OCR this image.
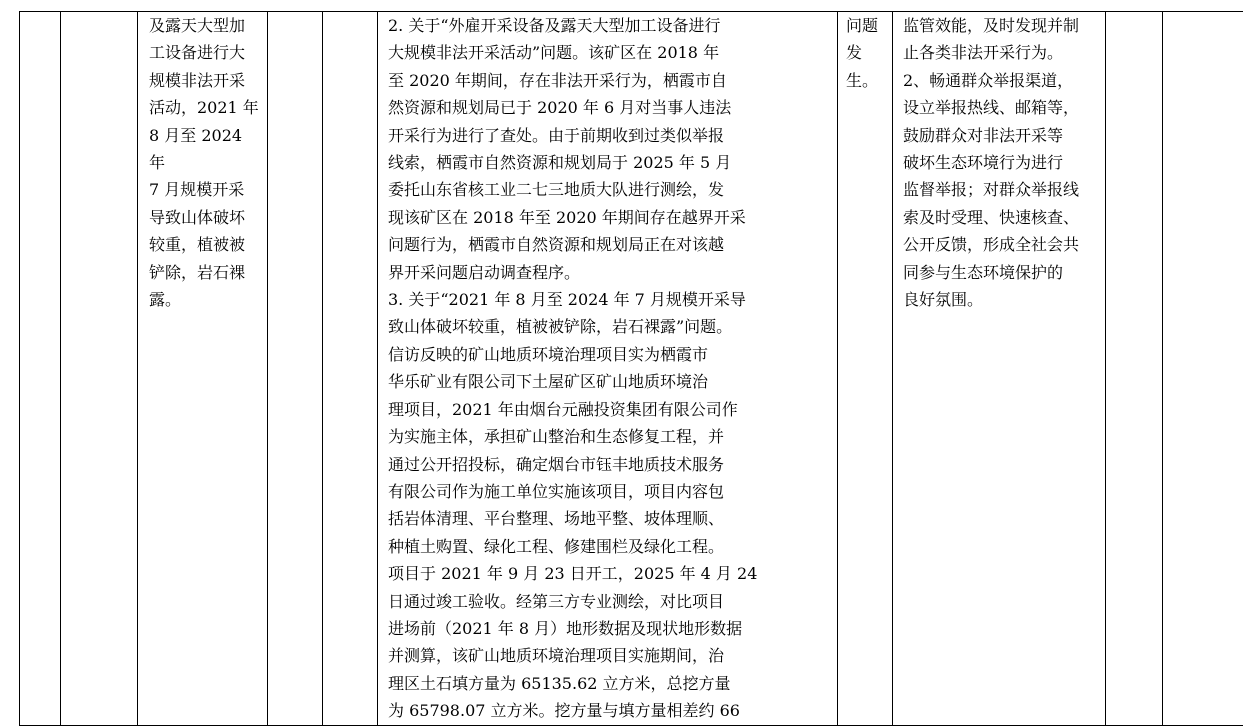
及露天大型加
工设备进行大
规模非法开采
活动，2021 年
8 月至 2024 年
7 月规模开采
导致山体破坏
较重，植被被
铲除，岩石裸
露。

2. 关于“外雇开采设备及露天大型加工设备进行
大规模非法开采活动”问题。该矿区在 2018 年
至 2020 年期间，存在非法开采行为，栖霞市自
然资源和规划局已于 2020 年 6 月对当事人违法
开采行为进行了查处。由于前期收到过类似举报
线索，栖霞市自然资源和规划局于 2025 年 5 月
委托山东省核工业二七三地质大队进行测绘，发
现该矿区在 2018 年至 2020 年期间存在越界开采
问题行为，栖霞市自然资源和规划局正在对该越
界开采问题启动调查程序。
3. 关于“2021 年 8 月至 2024 年 7 月规模开采导
致山体破坏较重，植被被铲除，岩石裸露”问题。
信访反映的矿山地质环境治理项目实为栖霞市
华乐矿业有限公司下土屋矿区矿山地质环境治
理项目，2021 年由烟台元融投资集团有限公司作
为实施主体，承担矿山整治和生态修复工程，并
通过公开招投标，确定烟台市钰丰地质技术服务
有限公司作为施工单位实施该项目，项目内容包
括岩体清理、平台整理、场地平整、坡体理顺、
种植土购置、绿化工程、修建围栏及绿化工程。
项目于 2021 年 9 月 23 日开工，2025 年 4 月 24
日通过竣工验收。经第三方专业测绘，对比项目
进场前（2021 年 8 月）地形数据及现状地形数据
并测算，该矿山地质环境治理项目实施期间，治
理区土石填方量为 65135.62 立方米，总挖方量
为 65798.07 立方米。挖方量与填方量相差约 66

问题
发
生。

监管效能，及时发现并制
止各类非法开采行为。
2、畅通群众举报渠道，
设立举报热线、邮箱等，
鼓励群众对非法开采等
破坏生态环境行为进行
监督举报；对群众举报线
索及时受理、快速核查、
公开反馈，形成全社会共
同参与生态环境保护的
良好氛围。
